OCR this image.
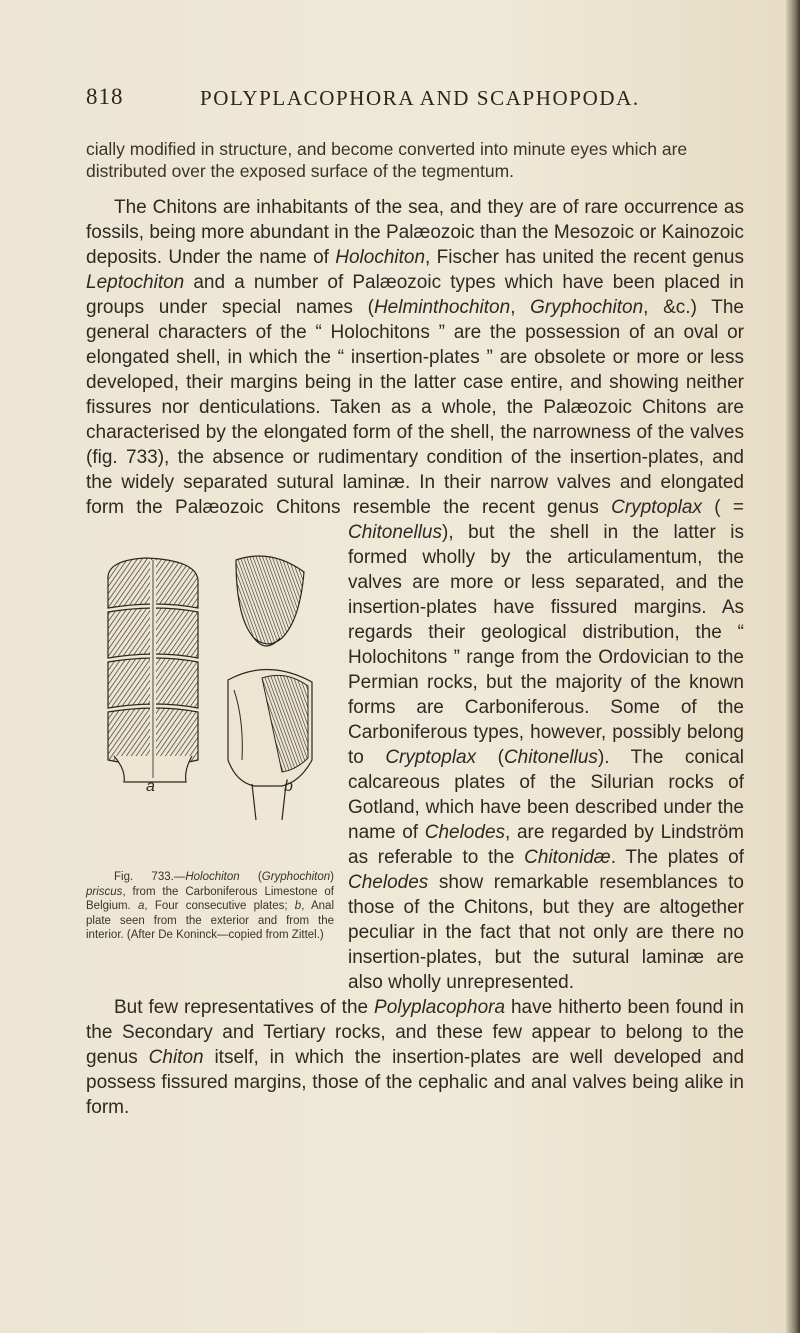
818	POLYPLACOPHORA AND SCAPHOPODA.
cially modified in structure, and become converted into minute eyes which are distributed over the exposed surface of the tegmentum.

The Chitons are inhabitants of the sea, and they are of rare occurrence as fossils, being more abundant in the Palæozoic than the Mesozoic or Kainozoic deposits. Under the name of Holochiton, Fischer has united the recent genus Leptochiton and a number of Palæozoic types which have been placed in groups under special names (Helminthochiton, Gryphochiton, &c.) The general characters of the “ Holochitons ” are the possession of an oval or elongated shell, in which the “ insertion-plates ” are obsolete or more or less developed, their margins being in the latter case entire, and showing neither fissures nor denticulations. Taken as a whole, the Palæozoic Chitons are characterised by the elongated form of the shell, the narrowness of the valves (fig. 733), the absence or rudimentary condition of the insertion-plates, and the widely separated sutural laminæ. In their narrow valves and elongated form the Palæozoic Chitons resemble the recent genus
a	b
Fig. 733.—Holochiton (Gryphochiton) priscus, from the Carboniferous Limestone of Belgium. a, Four consecutive plates; b, Anal plate seen from the exterior and from the interior. (After De Koninck—copied from Zittel.)
Cryptoplax ( = Chitonellus), but the shell in the latter is formed wholly by the articulamentum, the valves are more or less separated, and the insertion-plates have fissured margins. As regards their geological distribution, the “ Holochitons ” range from the Ordovician to the Permian rocks, but the majority of the known forms are Carboniferous. Some of the Carboniferous types, however, possibly belong to Cryptoplax (Chitonellus). The conical calcareous plates of the Silurian rocks of Gotland, which have been described under the name of Chelodes, are regarded by Lindström as referable to the Chitonidæ. The plates of Chelodes show remarkable resemblances to those of the Chitons, but they are altogether peculiar in the fact that not only are there no insertion-plates, but the sutural laminæ are also wholly unrepresented.

But few representatives of the Polyplacophora have hitherto been found in the Secondary and Tertiary rocks, and these few appear to belong to the genus Chiton itself, in which the insertion-plates are well developed and possess fissured margins, those of the cephalic and anal valves being alike in form.
